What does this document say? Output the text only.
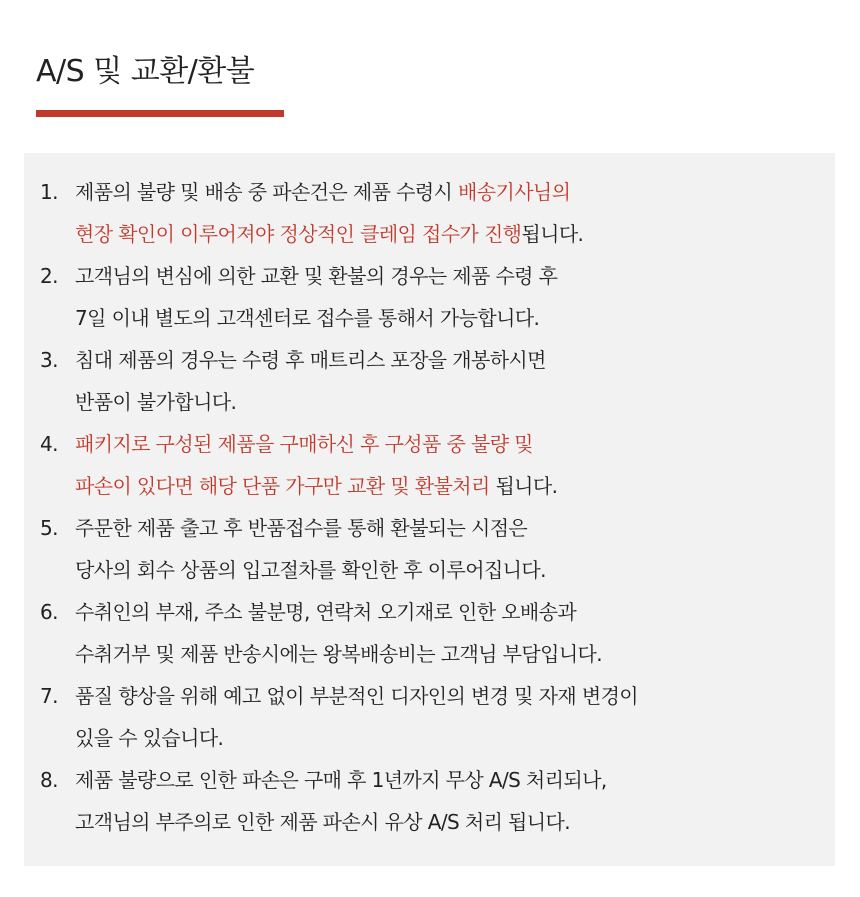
A/S 및 교환/환불
1. 제품의 불량 및 배송 중 파손건은 제품 수령시 배송기사님의
현장 확인이 이루어져야 정상적인 클레임 접수가 진행됩니다.
2. 고객님의 변심에 의한 교환 및 환불의 경우는 제품 수령 후
7일 이내 별도의 고객센터로 접수를 통해서 가능합니다.
3. 침대 제품의 경우는 수령 후 매트리스 포장을 개봉하시면
반품이 불가합니다.
4. 패키지로 구성된 제품을 구매하신 후 구성품 중 불량 및
파손이 있다면 해당 단품 가구만 교환 및 환불처리 됩니다.
5. 주문한 제품 출고 후 반품접수를 통해 환불되는 시점은
당사의 회수 상품의 입고절차를 확인한 후 이루어집니다.
6. 수취인의 부재, 주소 불분명, 연락처 오기재로 인한 오배송과
수취거부 및 제품 반송시에는 왕복배송비는 고객님 부담입니다.
7. 품질 향상을 위해 예고 없이 부분적인 디자인의 변경 및 자재 변경이
있을 수 있습니다.
8. 제품 불량으로 인한 파손은 구매 후 1년까지 무상 A/S 처리되나,
고객님의 부주의로 인한 제품 파손시 유상 A/S 처리 됩니다.
